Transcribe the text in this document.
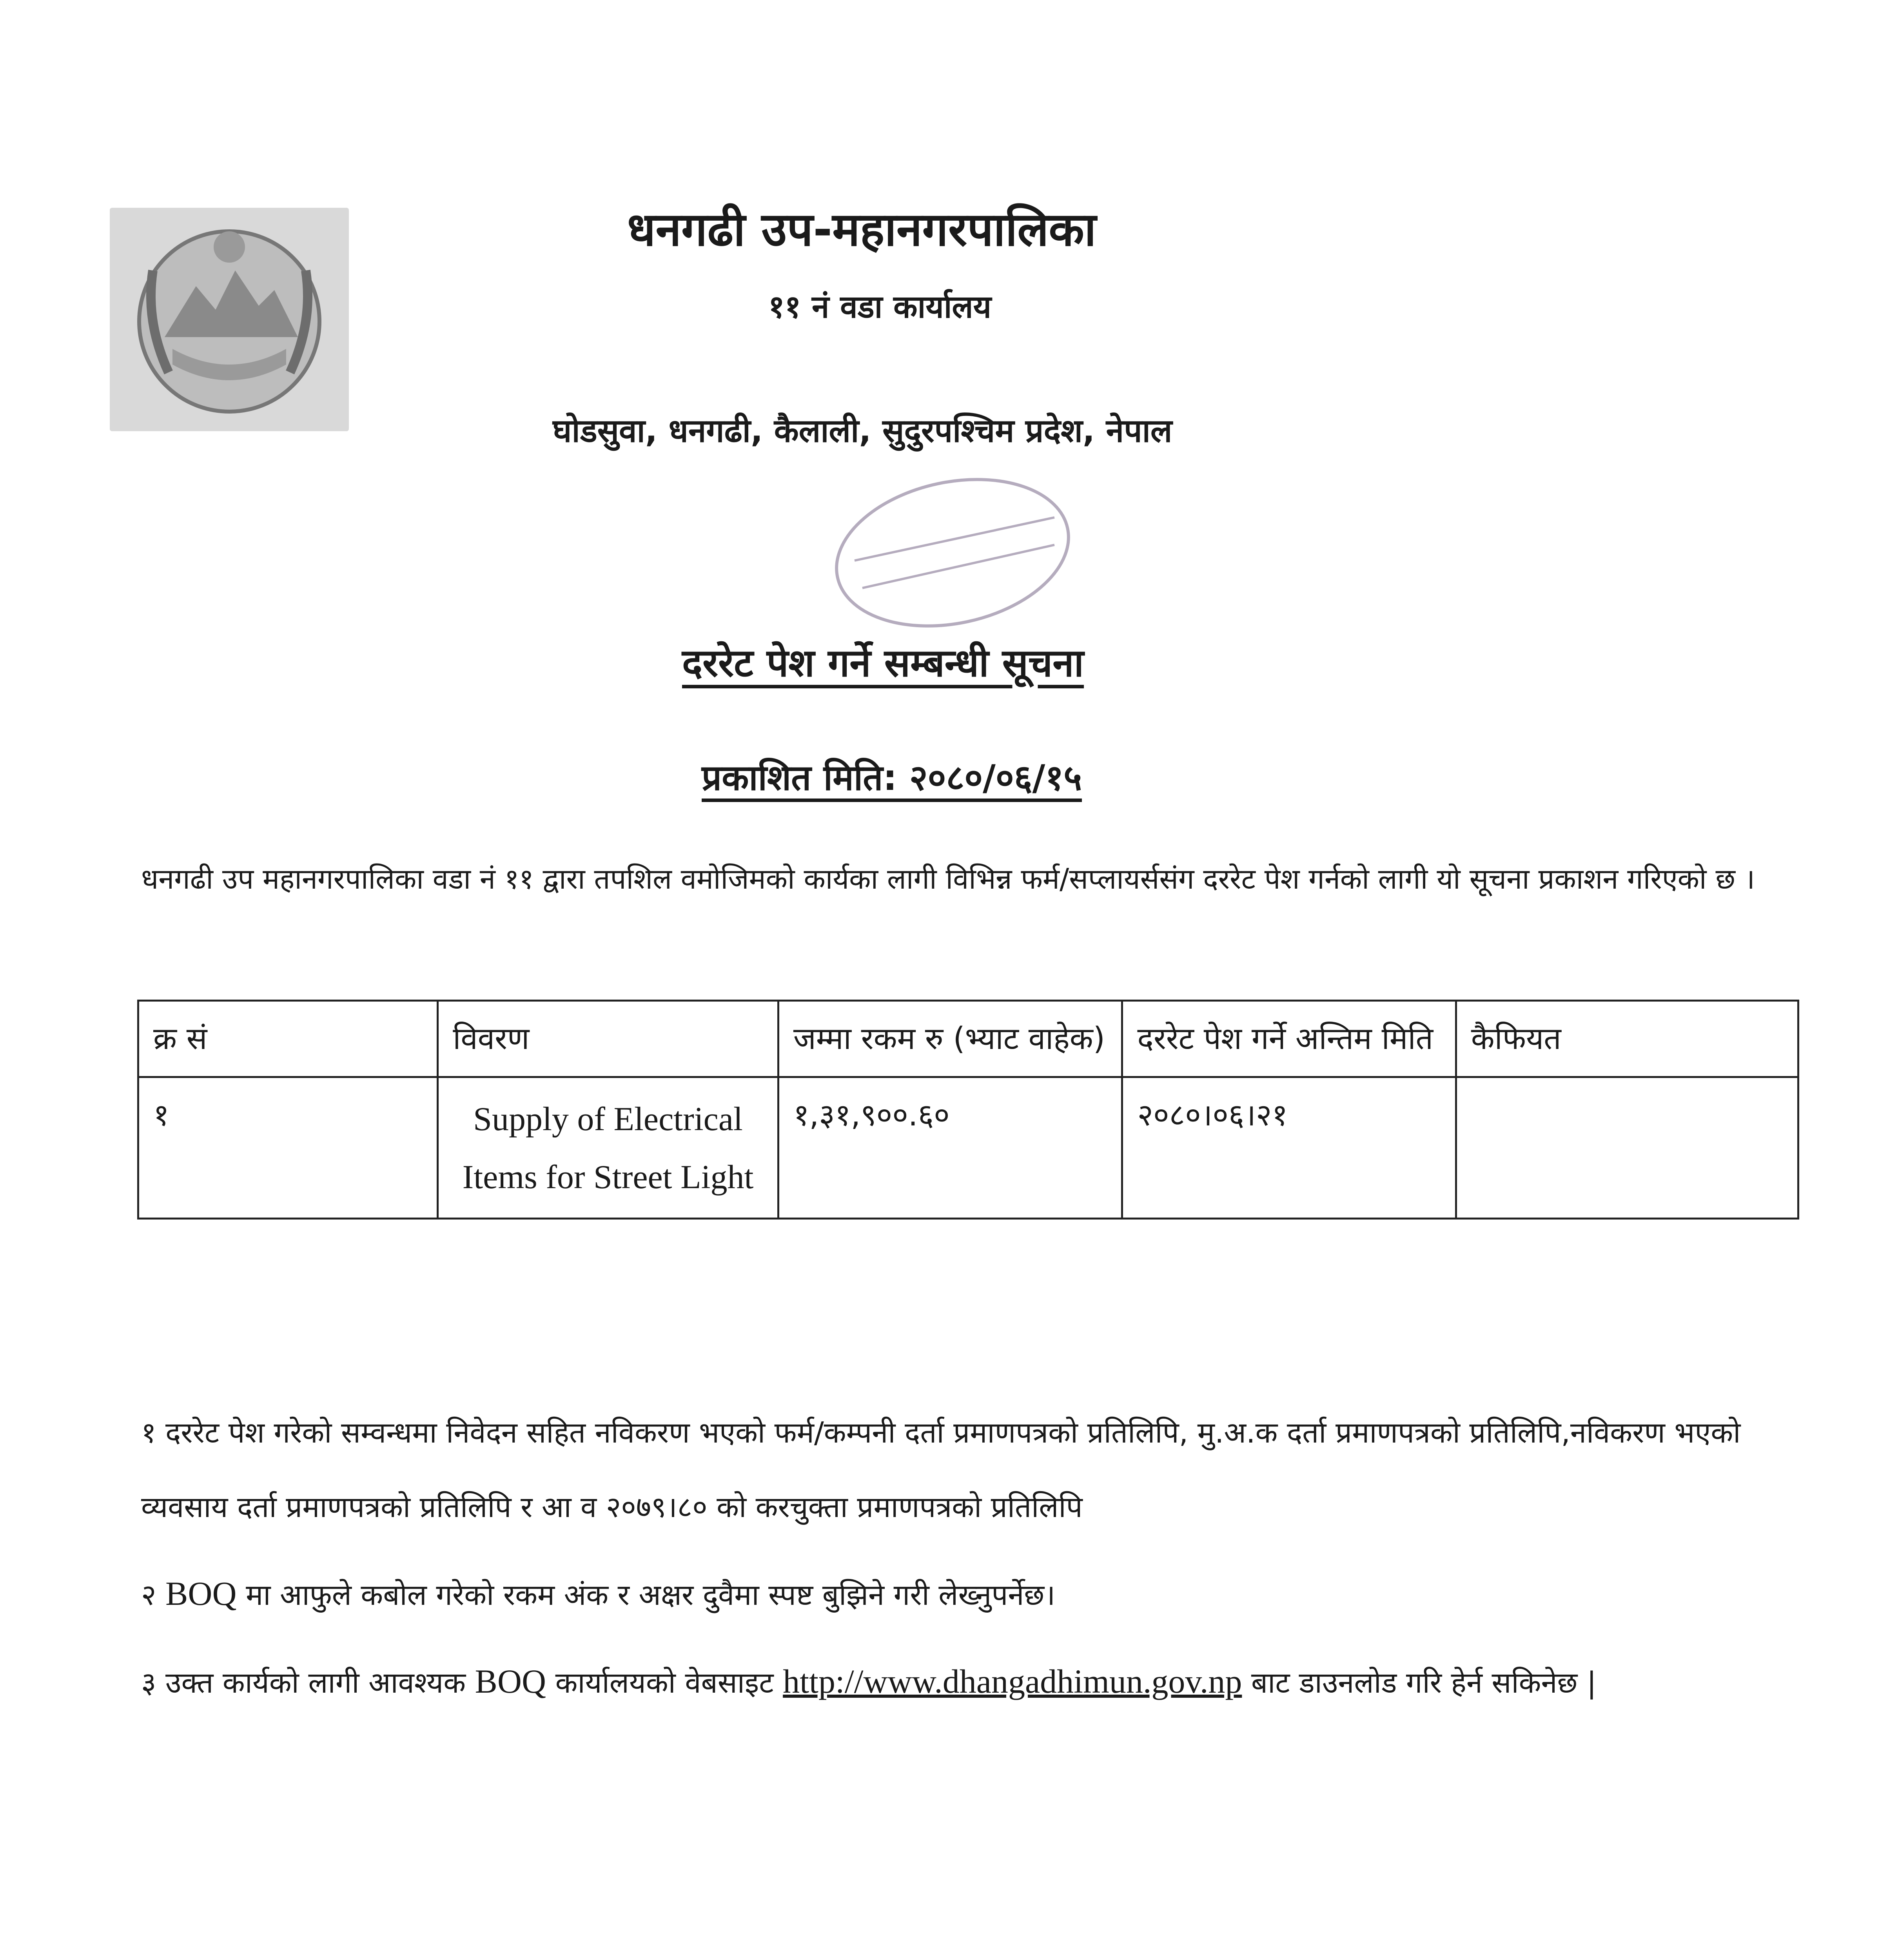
धनगढी उप-महानगरपालिका
११ नं वडा कार्यालय
घोडसुवा, धनगढी, कैलाली, सुदुरपश्चिम प्रदेश, नेपाल
दररेट पेश गर्ने सम्बन्धी सूचना
प्रकाशित मिति: २०८०/०६/१५
धनगढी उप महानगरपालिका वडा नं ११ द्वारा तपशिल वमोजिमको कार्यका लागी विभिन्न फर्म/सप्लायर्ससंग दररेट पेश गर्नको लागी यो सूचना प्रकाशन गरिएको छ ।
क्र सं	विवरण	जम्मा रकम रु (भ्याट वाहेक)	दररेट पेश गर्ने अन्तिम मिति	कैफियत
१	Supply of Electrical Items for Street Light	१,३१,९००.६०	२०८०।०६।२१	

१ दररेट पेश गरेको सम्वन्धमा निवेदन सहित नविकरण भएको फर्म/कम्पनी दर्ता प्रमाणपत्रको प्रतिलिपि, मु.अ.क दर्ता प्रमाणपत्रको प्रतिलिपि,नविकरण भएको व्यवसाय दर्ता प्रमाणपत्रको प्रतिलिपि र आ व २०७९।८० को करचुक्ता प्रमाणपत्रको प्रतिलिपि

२ BOQ मा आफुले कबोल गरेको रकम अंक र अक्षर दुवैमा स्पष्ट बुझिने गरी लेख्नुपर्नेछ।

३ उक्त कार्यको लागी आवश्यक BOQ कार्यालयको वेबसाइट http://www.dhangadhimun.gov.np बाट डाउनलोड गरि हेर्न सकिनेछ |
